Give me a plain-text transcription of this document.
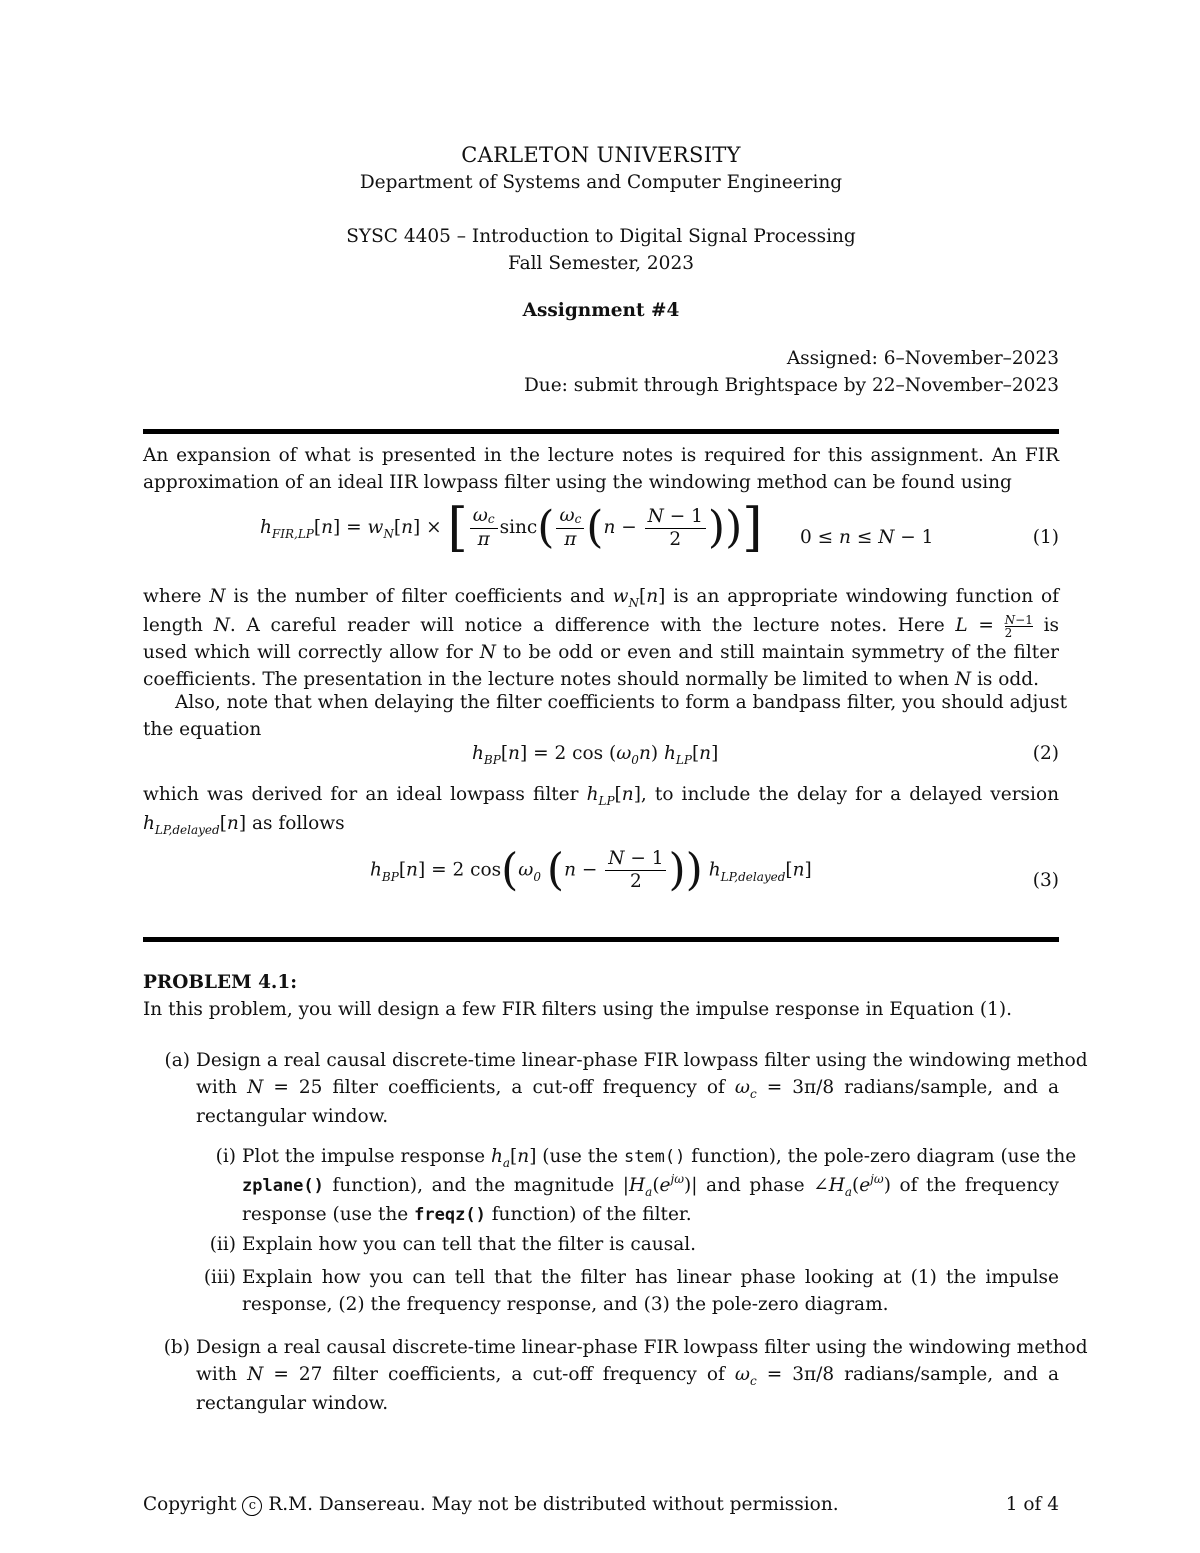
CARLETON UNIVERSITY
Department of Systems and Computer Engineering
SYSC 4405 – Introduction to Digital Signal Processing
Fall Semester, 2023
Assignment #4
Assigned: 6–November–2023
Due: submit through Brightspace by 22–November–2023
An expansion of what is presented in the lecture notes is required for this assignment. An FIR
approximation of an ideal IIR lowpass filter using the windowing method can be found using
$h_{FIR,LP}[n] = w_N[n]$ × [ $\frac{\omega c}{\pi} \sin c( \frac{\omega c}{\pi} (n - \frac{N - 1}{2}$ ))] 0 ≤ n ≤ N − 1	(1)
where N is the number of filter coefficients and $w_N[n]$ is an appropriate windowing function of
length N. A careful reader will notice a difference with the lecture notes. Here $L = \frac{N-1}{2}$ is
used which will correctly allow for N to be odd or even and still maintain symmetry of the filter
coefficients. The presentation in the lecture notes should normally be limited to when N is odd.
Also, note that when delaying the filter coefficients to form a bandpass filter, you should adjust
the equation
$h_{BP}[n] = 2$ $\cos (\omega_0n)$ $h_{LP}[n]$	(2)
which was derived for an ideal lowpass filter $h_{LP}[n]$, to include the delay for a delayed version
$h_{LP,delayed}[n]$ as follows
$h_{BP}[n] = 2$ $\cos(\omega_0$ ($n - \frac{N - 1}{2}$ )) $h_{LP,delayed}[n]$	(3)
PROBLEM 4.1:
In this problem, you will design a few FIR filters using the impulse response in Equation (1).
(a) Design a real causal discrete-time linear-phase FIR lowpass filter using the windowing method
with N = 25 filter coefficients, a cut-off frequency of $\omega_c = 3\pi/8$ radians/sample, and a
rectangular window.
(i) Plot the impulse response $h_a[n]$ (use the stem() function), the pole-zero diagram (use the
zplane() function), and the magnitude $|H_a(e^{j\omega})|$ and phase $\angle H_a(e^{j\omega})$ of the frequency
response (use the freqz() function) of the filter.
(ii) Explain how you can tell that the filter is causal.
(iii) Explain how you can tell that the filter has linear phase looking at (1) the impulse
response, (2) the frequency response, and (3) the pole-zero diagram.
(b) Design a real causal discrete-time linear-phase FIR lowpass filter using the windowing method
with N = 27 filter coefficients, a cut-off frequency of $\omega_c = 3\pi/8$ radians/sample, and a
rectangular window.
Copyright c R.M. Dansereau. May not be distributed without permission.	1 of 4
